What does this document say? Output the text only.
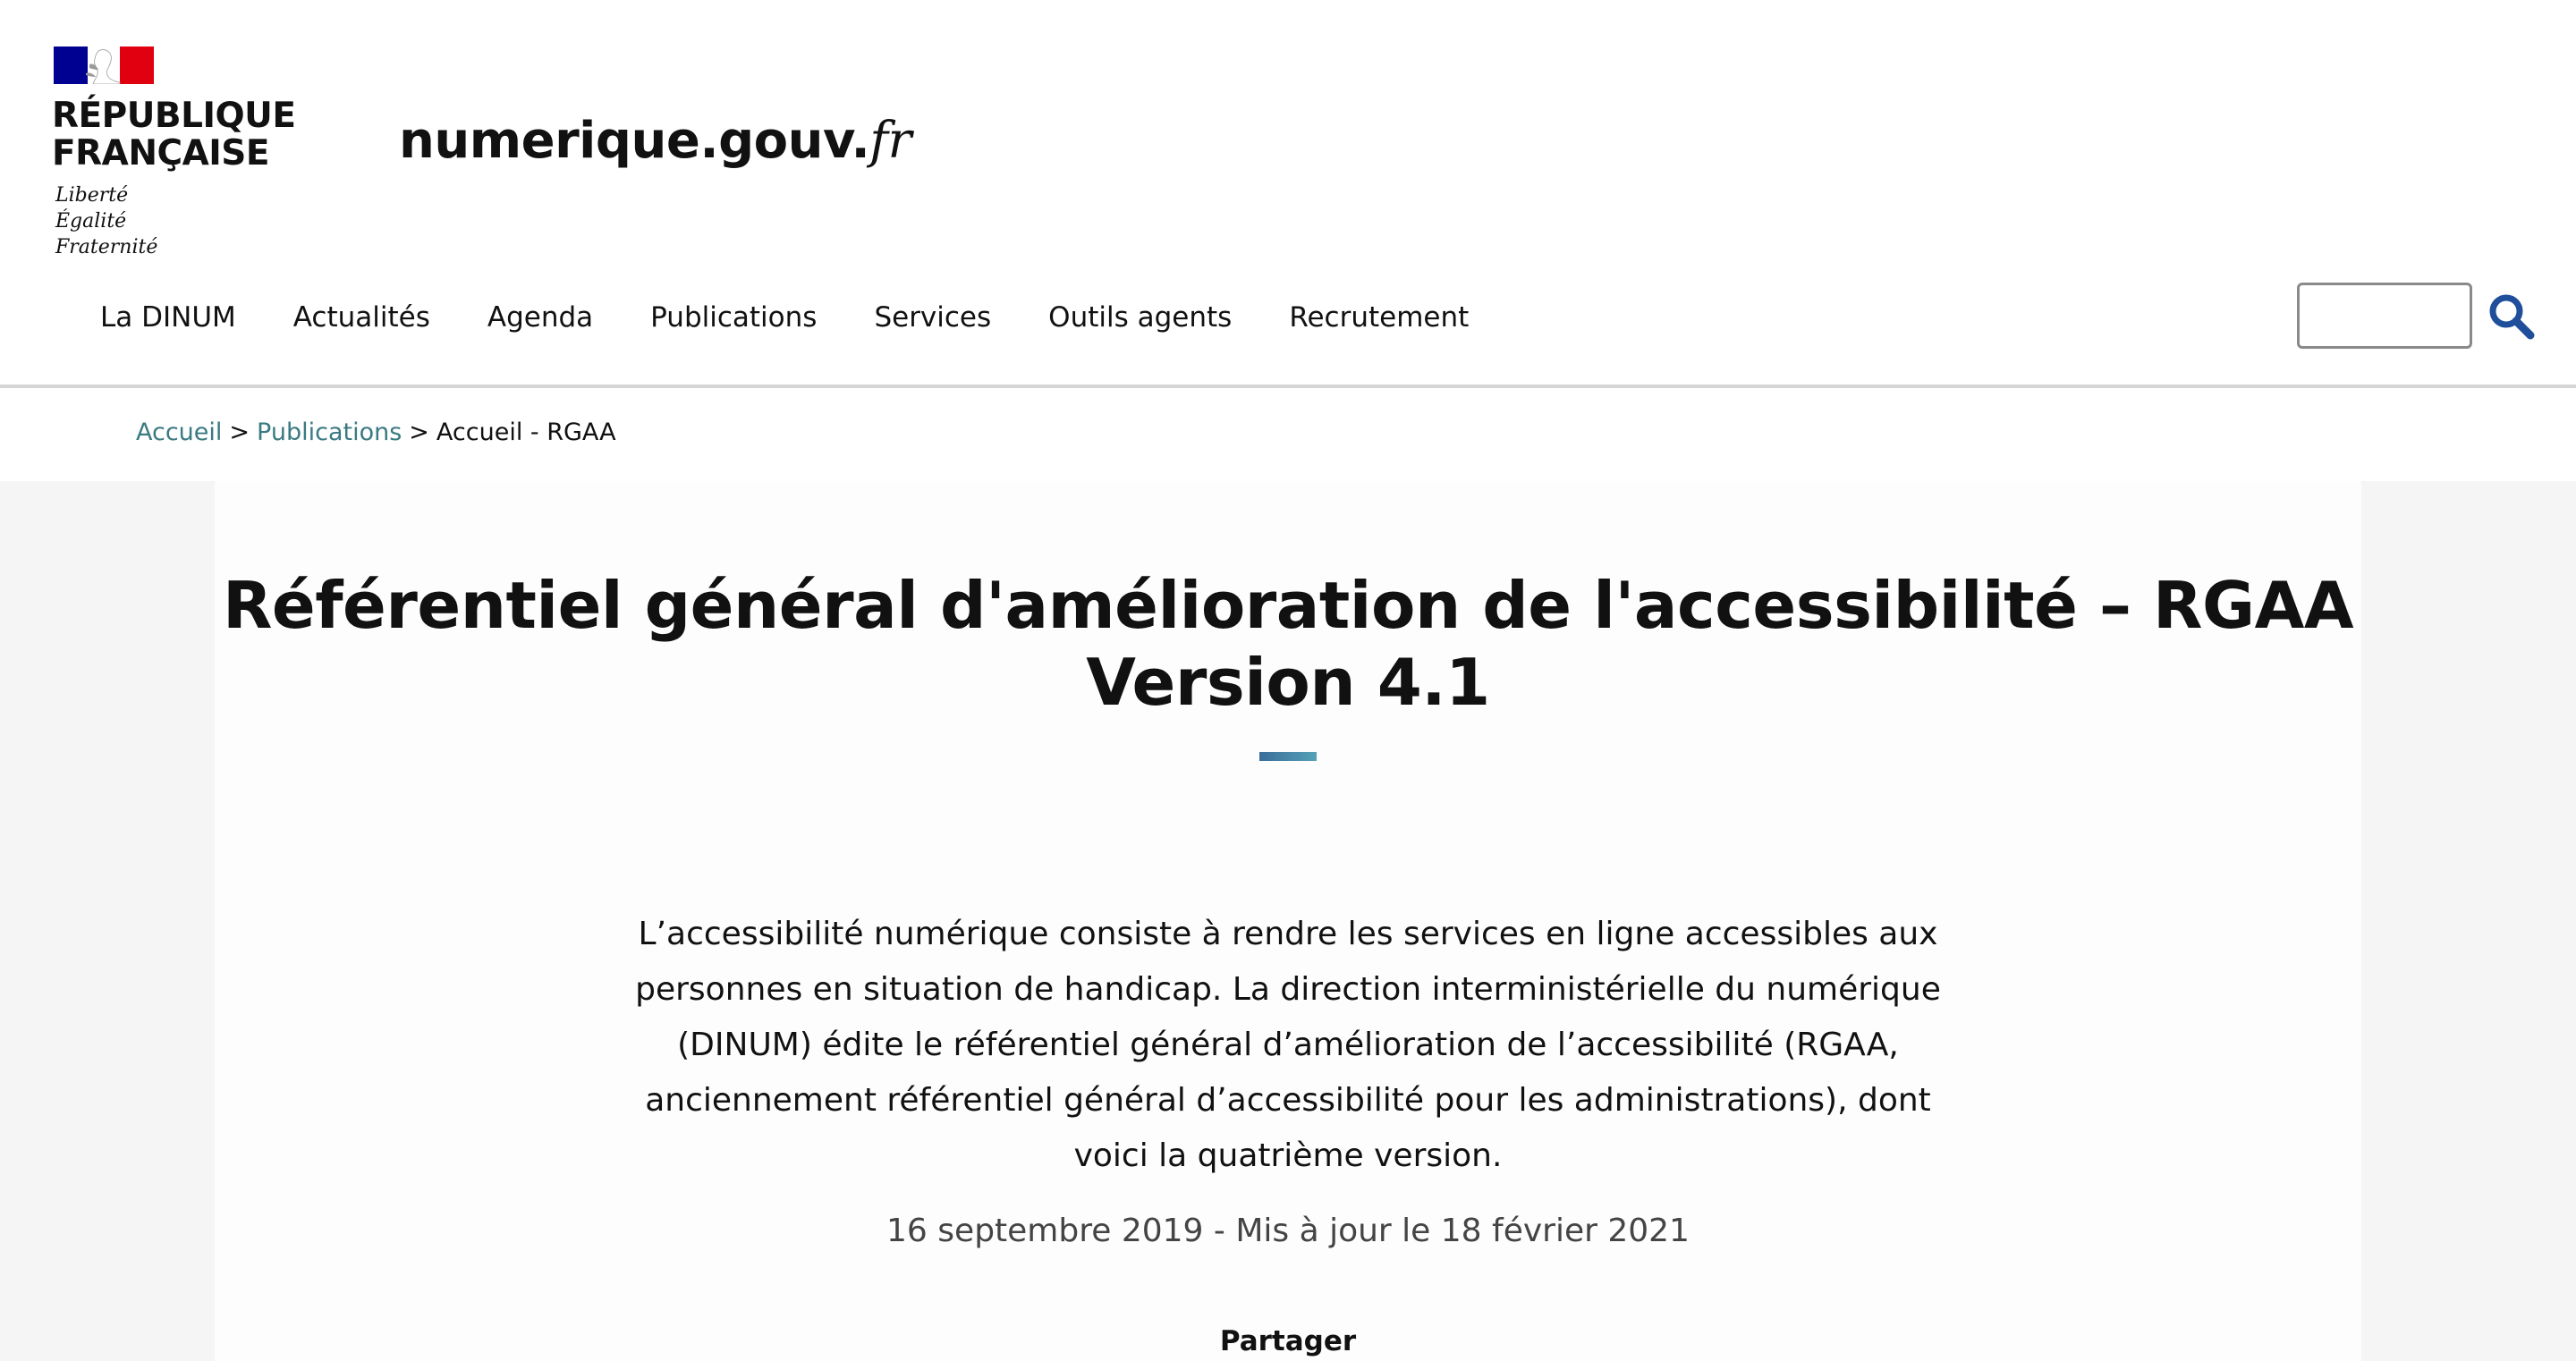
RÉPUBLIQUE
FRANÇAISE
Liberté
Égalité
Fraternité
numerique.gouv.fr
La DINUM	Actualités	Agenda	Publications	Services	Outils agents	Recrutement
Accueil > Publications > Accueil - RGAA
Référentiel général d'amélioration de l'accessibilité – RGAA Version 4.1

L’accessibilité numérique consiste à rendre les services en ligne accessibles aux personnes en situation de handicap. La direction interministérielle du numérique (DINUM) édite le référentiel général d’amélioration de l’accessibilité (RGAA, anciennement référentiel général d’accessibilité pour les administrations), dont voici la quatrième version.

16 septembre 2019 - Mis à jour le 18 février 2021
Partager
